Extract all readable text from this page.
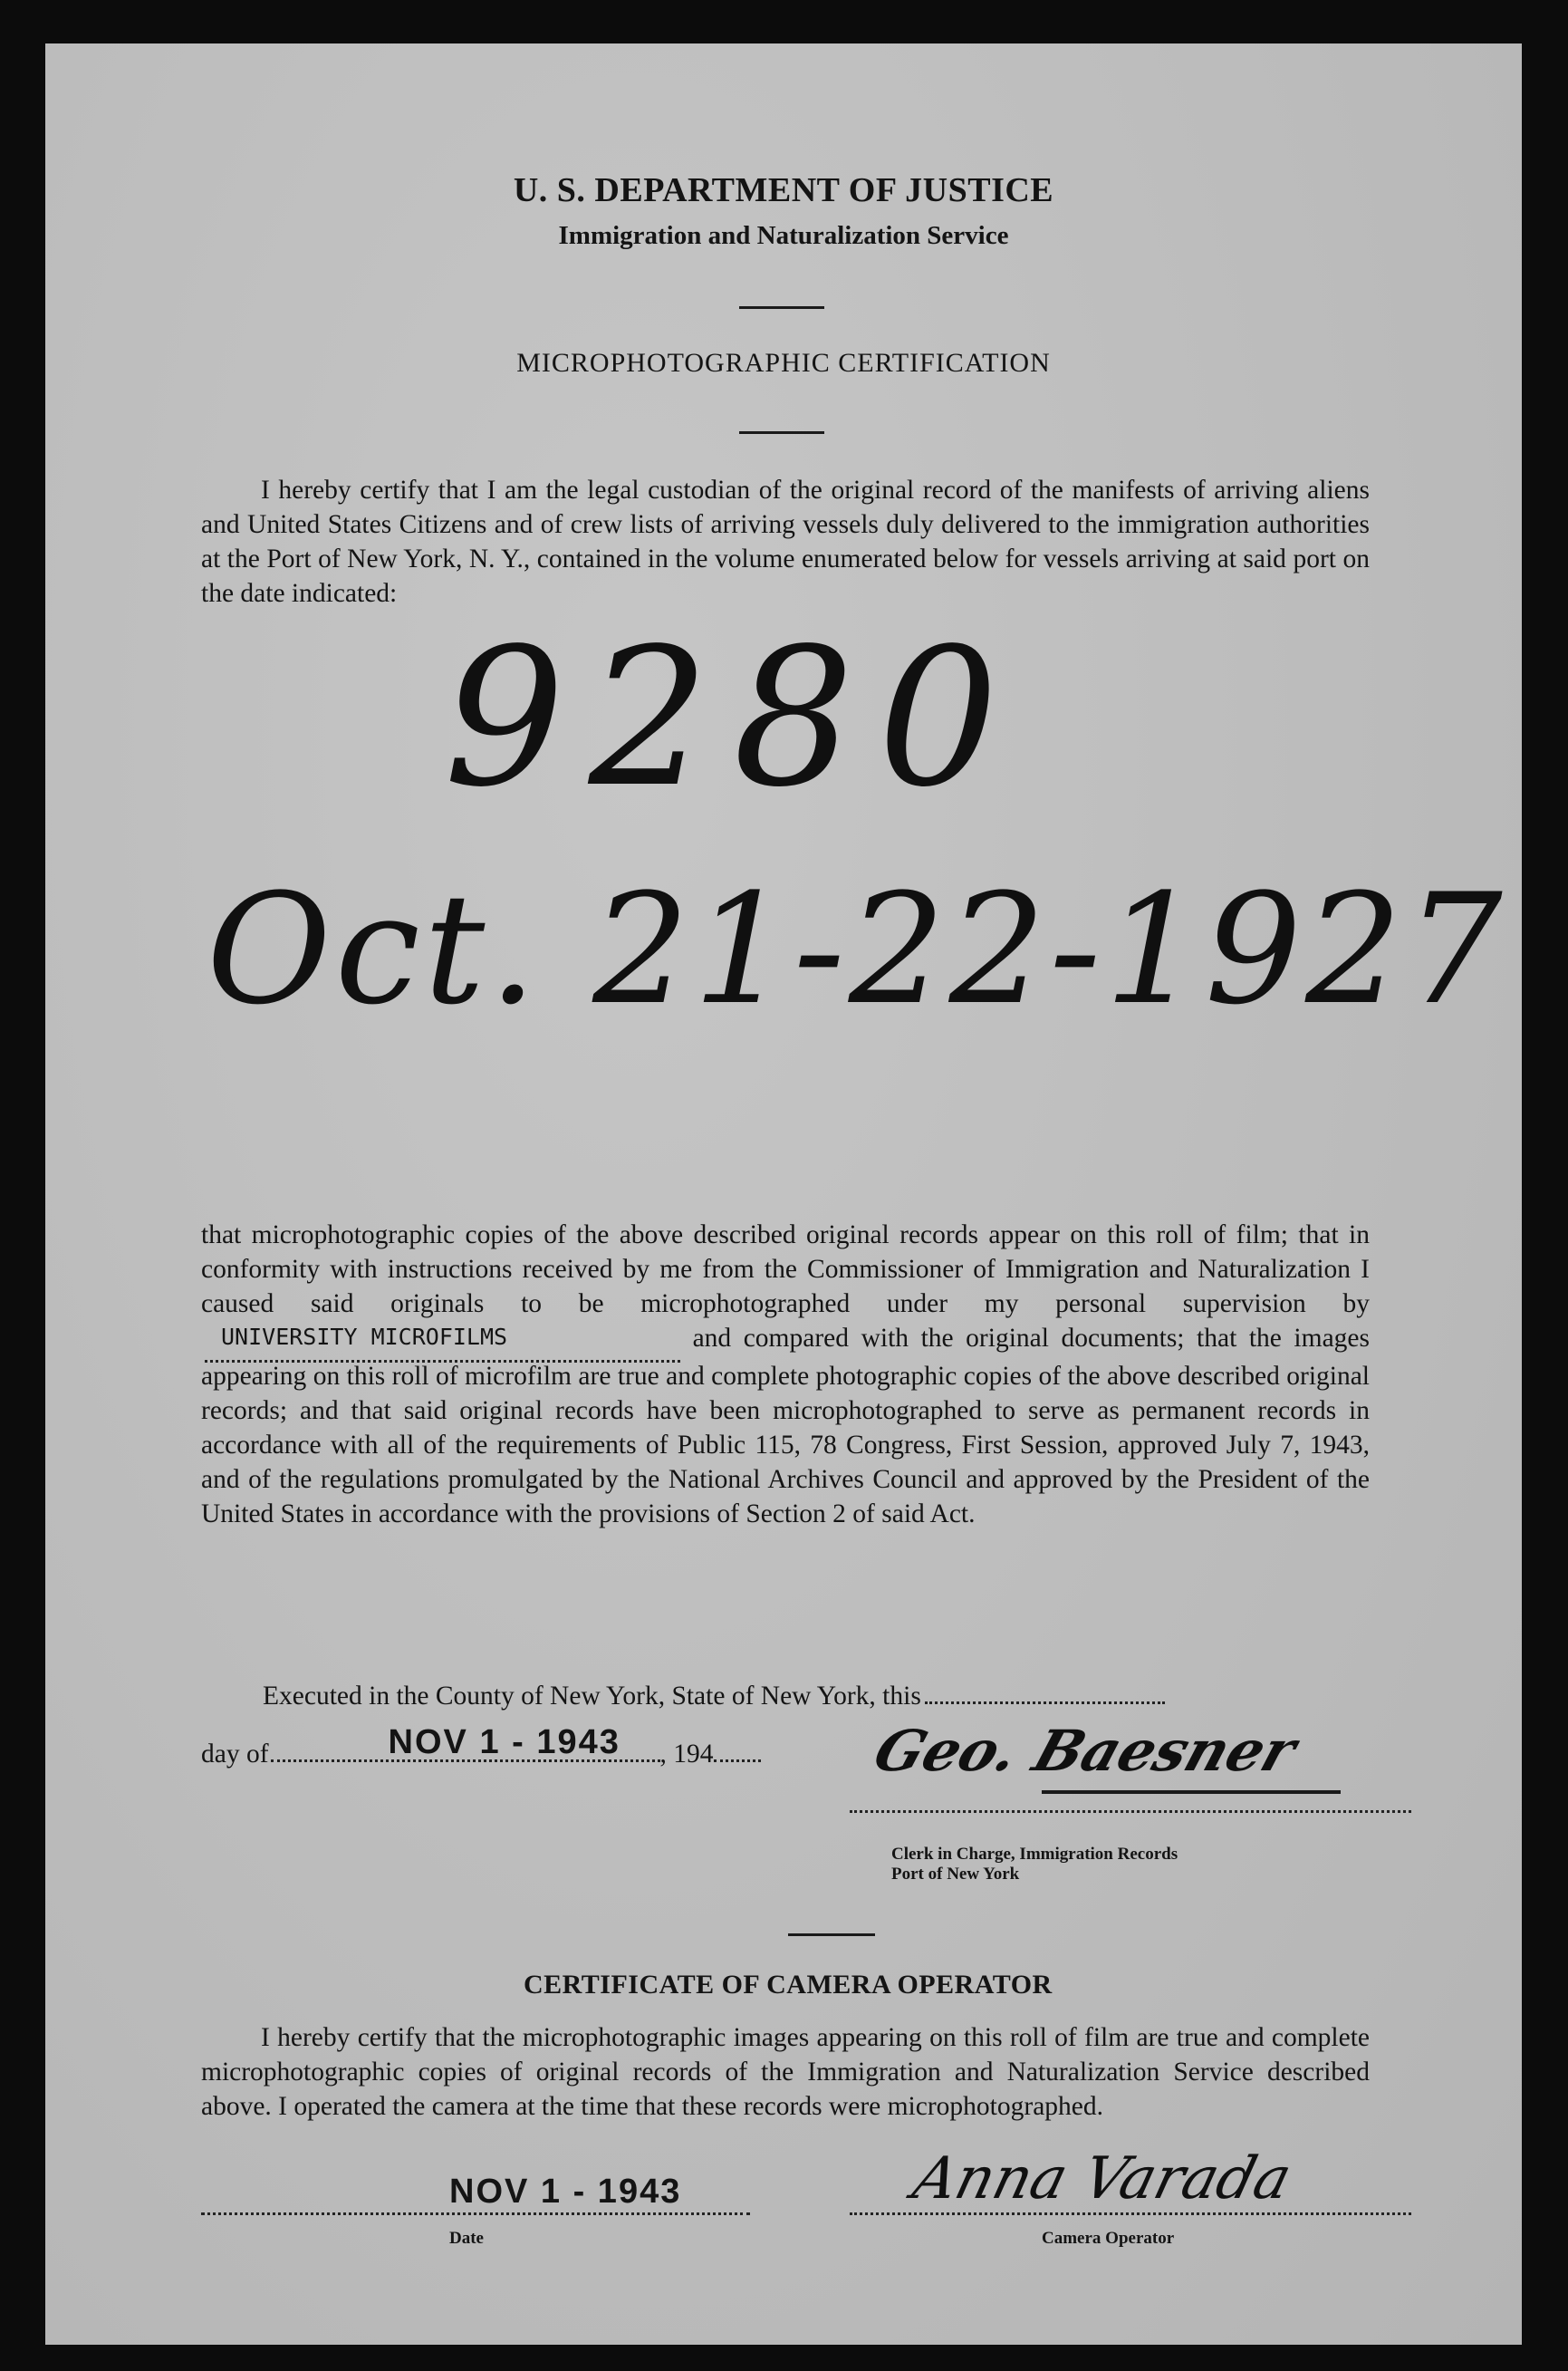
U. S. DEPARTMENT OF JUSTICE
Immigration and Naturalization Service
MICROPHOTOGRAPHIC CERTIFICATION
I hereby certify that I am the legal custodian of the original record of the manifests of arriving aliens and United States Citizens and of crew lists of arriving vessels duly delivered to the immigration authorities at the Port of New York, N. Y., contained in the volume enumerated below for vessels arriving at said port on the date indicated:
9280
Oct. 21-22-1927
that microphotographic copies of the above described original records appear on this roll of film; that in conformity with instructions received by me from the Commissioner of Immigration and Naturalization I caused said originals to be microphotographed under my personal supervision $by^{UNIVERSITY MICROFILMS}$	and compared with the original documents; that the images appearing on this roll of microfilm are true and complete photographic copies of the above described original records; and that said original records have been microphotographed to serve as permanent records in accordance with all of the requirements of Public 115, 78 Congress, First Session, approved July 7, 1943, and of the regulations promulgated by the National Archives Council and approved by the President of the United States in accordance with the provisions of Section 2 of said Act.
Executed in the County of New York, State of New York, this
day of	NOV 1 - 1943 , 194	Geo. Baesner
Clerk in Charge, Immigration Records
Port of New York
CERTIFICATE OF CAMERA OPERATOR
I hereby certify that the microphotographic images appearing on this roll of film are true and complete microphotographic copies of original records of the Immigration and Naturalization Service described above. I operated the camera at the time that these records were microphotographed.
NOV 1 - 1943
Date
Anna Varada
Camera Operator
